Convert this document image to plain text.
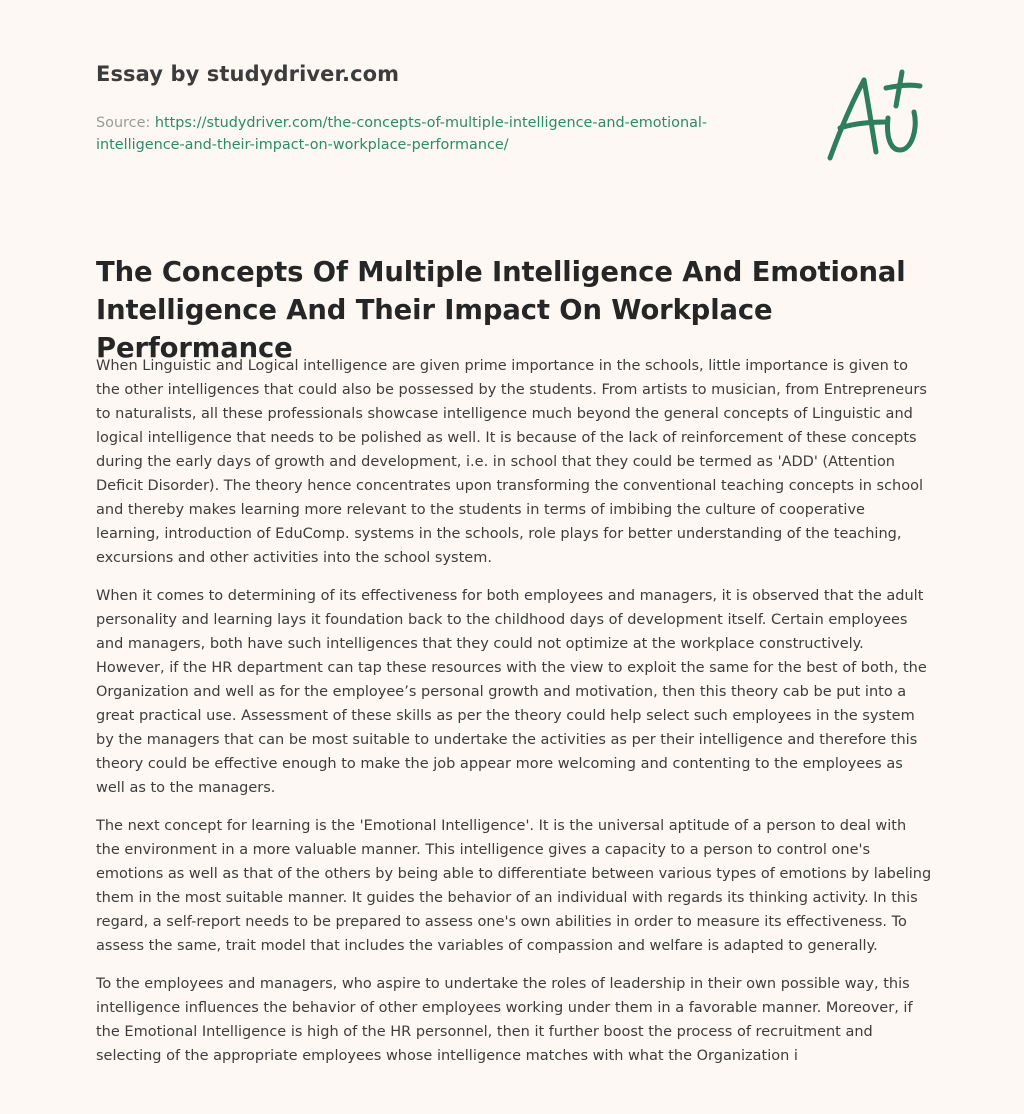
Essay by studydriver.com
Source: https://studydriver.com/the-concepts-of-multiple-intelligence-and-emotional-intelligence-and-their-impact-on-workplace-performance/
The Concepts Of Multiple Intelligence And Emotional Intelligence And Their Impact On Workplace Performance

When Linguistic and Logical intelligence are given prime importance in the schools, little importance is given to the other intelligences that could also be possessed by the students. From artists to musician, from Entrepreneurs to naturalists, all these professionals showcase intelligence much beyond the general concepts of Linguistic and logical intelligence that needs to be polished as well. It is because of the lack of reinforcement of these concepts during the early days of growth and development, i.e. in school that they could be termed as 'ADD' (Attention Deficit Disorder). The theory hence concentrates upon transforming the conventional teaching concepts in school and thereby makes learning more relevant to the students in terms of imbibing the culture of cooperative learning, introduction of EduComp. systems in the schools, role plays for better understanding of the teaching, excursions and other activities into the school system.

When it comes to determining of its effectiveness for both employees and managers, it is observed that the adult personality and learning lays it foundation back to the childhood days of development itself. Certain employees and managers, both have such intelligences that they could not optimize at the workplace constructively. However, if the HR department can tap these resources with the view to exploit the same for the best of both, the Organization and well as for the employee’s personal growth and motivation, then this theory cab be put into a great practical use. Assessment of these skills as per the theory could help select such employees in the system by the managers that can be most suitable to undertake the activities as per their intelligence and therefore this theory could be effective enough to make the job appear more welcoming and contenting to the employees as well as to the managers.

The next concept for learning is the 'Emotional Intelligence'. It is the universal aptitude of a person to deal with the environment in a more valuable manner. This intelligence gives a capacity to a person to control one's emotions as well as that of the others by being able to differentiate between various types of emotions by labeling them in the most suitable manner. It guides the behavior of an individual with regards its thinking activity. In this regard, a self-report needs to be prepared to assess one's own abilities in order to measure its effectiveness. To assess the same, trait model that includes the variables of compassion and welfare is adapted to generally.

To the employees and managers, who aspire to undertake the roles of leadership in their own possible way, this intelligence influences the behavior of other employees working under them in a favorable manner. Moreover, if the Emotional Intelligence is high of the HR personnel, then it further boost the process of recruitment and selecting of the appropriate employees whose intelligence matches with what the Organization i
